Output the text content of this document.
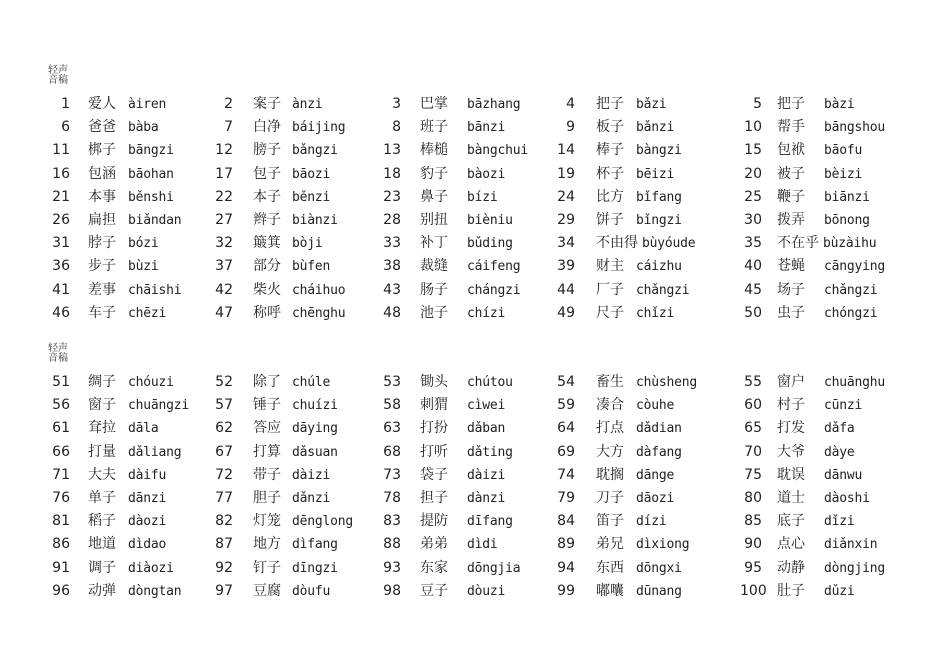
轻声
音稿
1 爱人 àiren	2 案子 ànzi	3 巴掌 bāzhang	4 把子 bǎzi	5 把子 bàzi
6 爸爸 bàba	7 白净 báijing	8 班子 bānzi	9 板子 bǎnzi	10 帮手 bāngshou
11 梆子 bāngzi	12 膀子 bǎngzi	13 棒槌 bàngchui 14 棒子 bàngzi	15 包袱 bāofu
16 包涵 bāohan	17 包子 bāozi	18 豹子 bàozi	19 杯子 bēizi	20 被子 bèizi
21 本事 běnshi	22 本子 běnzi	23 鼻子 bízi	24 比方 bǐfang	25 鞭子 biānzi
26 扁担 biǎndan 27 辫子 biànzi	28 别扭 bièniu	29 饼子 bǐngzi	30 拨弄 bōnong
31 脖子 bózi	32 簸箕 bòji	33 补丁 bǔding	34 不由得 bùyóude	35 不在乎 bùzàihu
36 步子 bùzi	37 部分 bùfen	38 裁缝 cáifeng	39 财主 cáizhu	40 苍蝇 cāngying
41 差事 chāishi 42 柴火 cháihuo	43 肠子 chángzi	44 厂子 chǎngzi	45 场子 chǎngzi
46 车子 chēzi	47 称呼 chēnghu	48 池子 chízi	49 尺子 chǐzi	50 虫子 chóngzi
轻声
音稿
51 绸子 chóuzi	52 除了 chúle	53 锄头 chútou	54 畜生 chùsheng	55 窗户 chuānghu
56 窗子 chuāngzi 57 锤子 chuízi	58 刺猬 cìwei	59 凑合 còuhe	60 村子 cūnzi
61 耷拉 dāla	62 答应 dāying	63 打扮 dǎban	64 打点 dǎdian	65 打发 dǎfa
66 打量 dǎliang 67 打算 dǎsuan	68 打听 dǎting	69 大方 dàfang	70 大爷 dàye
71 大夫 dàifu	72 带子 dàizi	73 袋子 dàizi	74 耽搁 dānge	75 耽误 dānwu
76 单子 dānzi	77 胆子 dǎnzi	78 担子 dànzi	79 刀子 dāozi	80 道士 dàoshi
81 稻子 dàozi	82 灯笼 dēnglong 83 提防 dīfang	84 笛子 dízi	85 底子 dǐzi
86 地道 dìdao	87 地方 dìfang	88 弟弟 dìdi	89 弟兄 dìxiong	90 点心 diǎnxin
91 调子 diàozi	92 钉子 dīngzi	93 东家 dōngjia	94 东西 dōngxi	95 动静 dòngjing
96 动弹 dòngtan 97 豆腐 dòufu	98 豆子 dòuzi	99 嘟囔 dūnang	100 肚子 dǔzi
